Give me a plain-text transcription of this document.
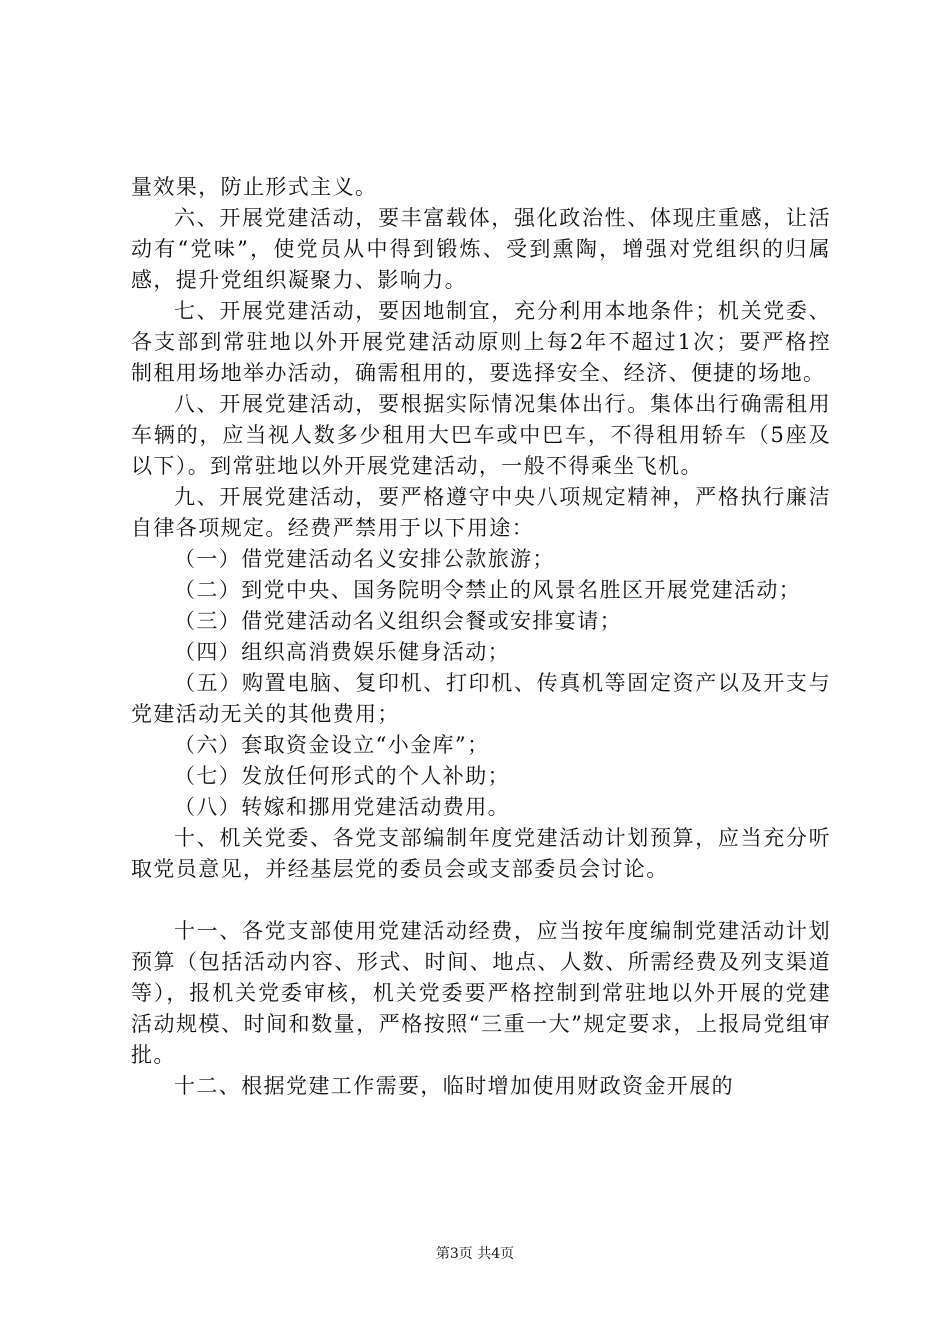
量效果，防止形式主义。

六、开展党建活动，要丰富载体，强化政治性、体现庄重感，让活动有“党味”，使党员从中得到锻炼、受到熏陶，增强对党组织的归属感，提升党组织凝聚力、影响力。

七、开展党建活动，要因地制宜，充分利用本地条件；机关党委、各支部到常驻地以外开展党建活动原则上每2年不超过1次；要严格控制租用场地举办活动，确需租用的，要选择安全、经济、便捷的场地。

八、开展党建活动，要根据实际情况集体出行。集体出行确需租用车辆的，应当视人数多少租用大巴车或中巴车，不得租用轿车（5座及以下）。到常驻地以外开展党建活动，一般不得乘坐飞机。

九、开展党建活动，要严格遵守中央八项规定精神，严格执行廉洁自律各项规定。经费严禁用于以下用途：

（一）借党建活动名义安排公款旅游；

（二）到党中央、国务院明令禁止的风景名胜区开展党建活动；

（三）借党建活动名义组织会餐或安排宴请；

（四）组织高消费娱乐健身活动；

（五）购置电脑、复印机、打印机、传真机等固定资产以及开支与党建活动无关的其他费用；

（六）套取资金设立“小金库”；

（七）发放任何形式的个人补助；

（八）转嫁和挪用党建活动费用。

十、机关党委、各党支部编制年度党建活动计划预算，应当充分听取党员意见，并经基层党的委员会或支部委员会讨论。

十一、各党支部使用党建活动经费，应当按年度编制党建活动计划预算（包括活动内容、形式、时间、地点、人数、所需经费及列支渠道等），报机关党委审核，机关党委要严格控制到常驻地以外开展的党建活动规模、时间和数量，严格按照“三重一大”规定要求，上报局党组审批。

十二、根据党建工作需要，临时增加使用财政资金开展的

第3页 共4页
